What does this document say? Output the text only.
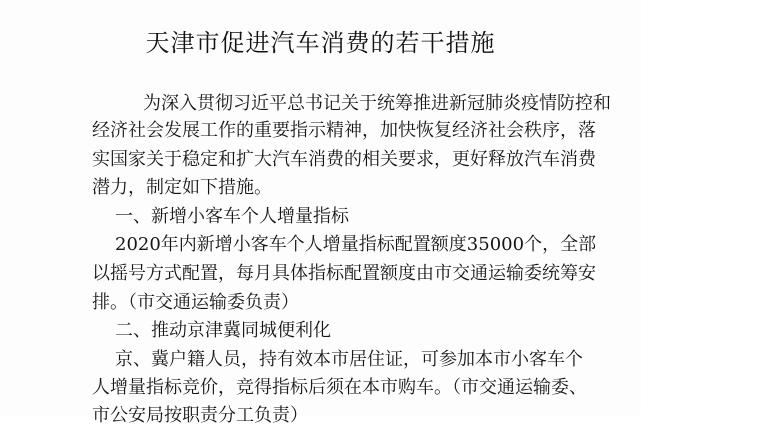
天津市促进汽车消费的若干措施
为深入贯彻习近平总书记关于统筹推进新冠肺炎疫情防控和
经济社会发展工作的重要指示精神，加快恢复经济社会秩序，落
实国家关于稳定和扩大汽车消费的相关要求，更好释放汽车消费
潜力，制定如下措施。
一、新增小客车个人增量指标
2020年内新增小客车个人增量指标配置额度35000个，全部
以摇号方式配置，每月具体指标配置额度由市交通运输委统筹安
排。（市交通运输委负责）
二、推动京津冀同城便利化
京、冀户籍人员，持有效本市居住证，可参加本市小客车个
人增量指标竞价，竞得指标后须在本市购车。（市交通运输委、
市公安局按职责分工负责）
